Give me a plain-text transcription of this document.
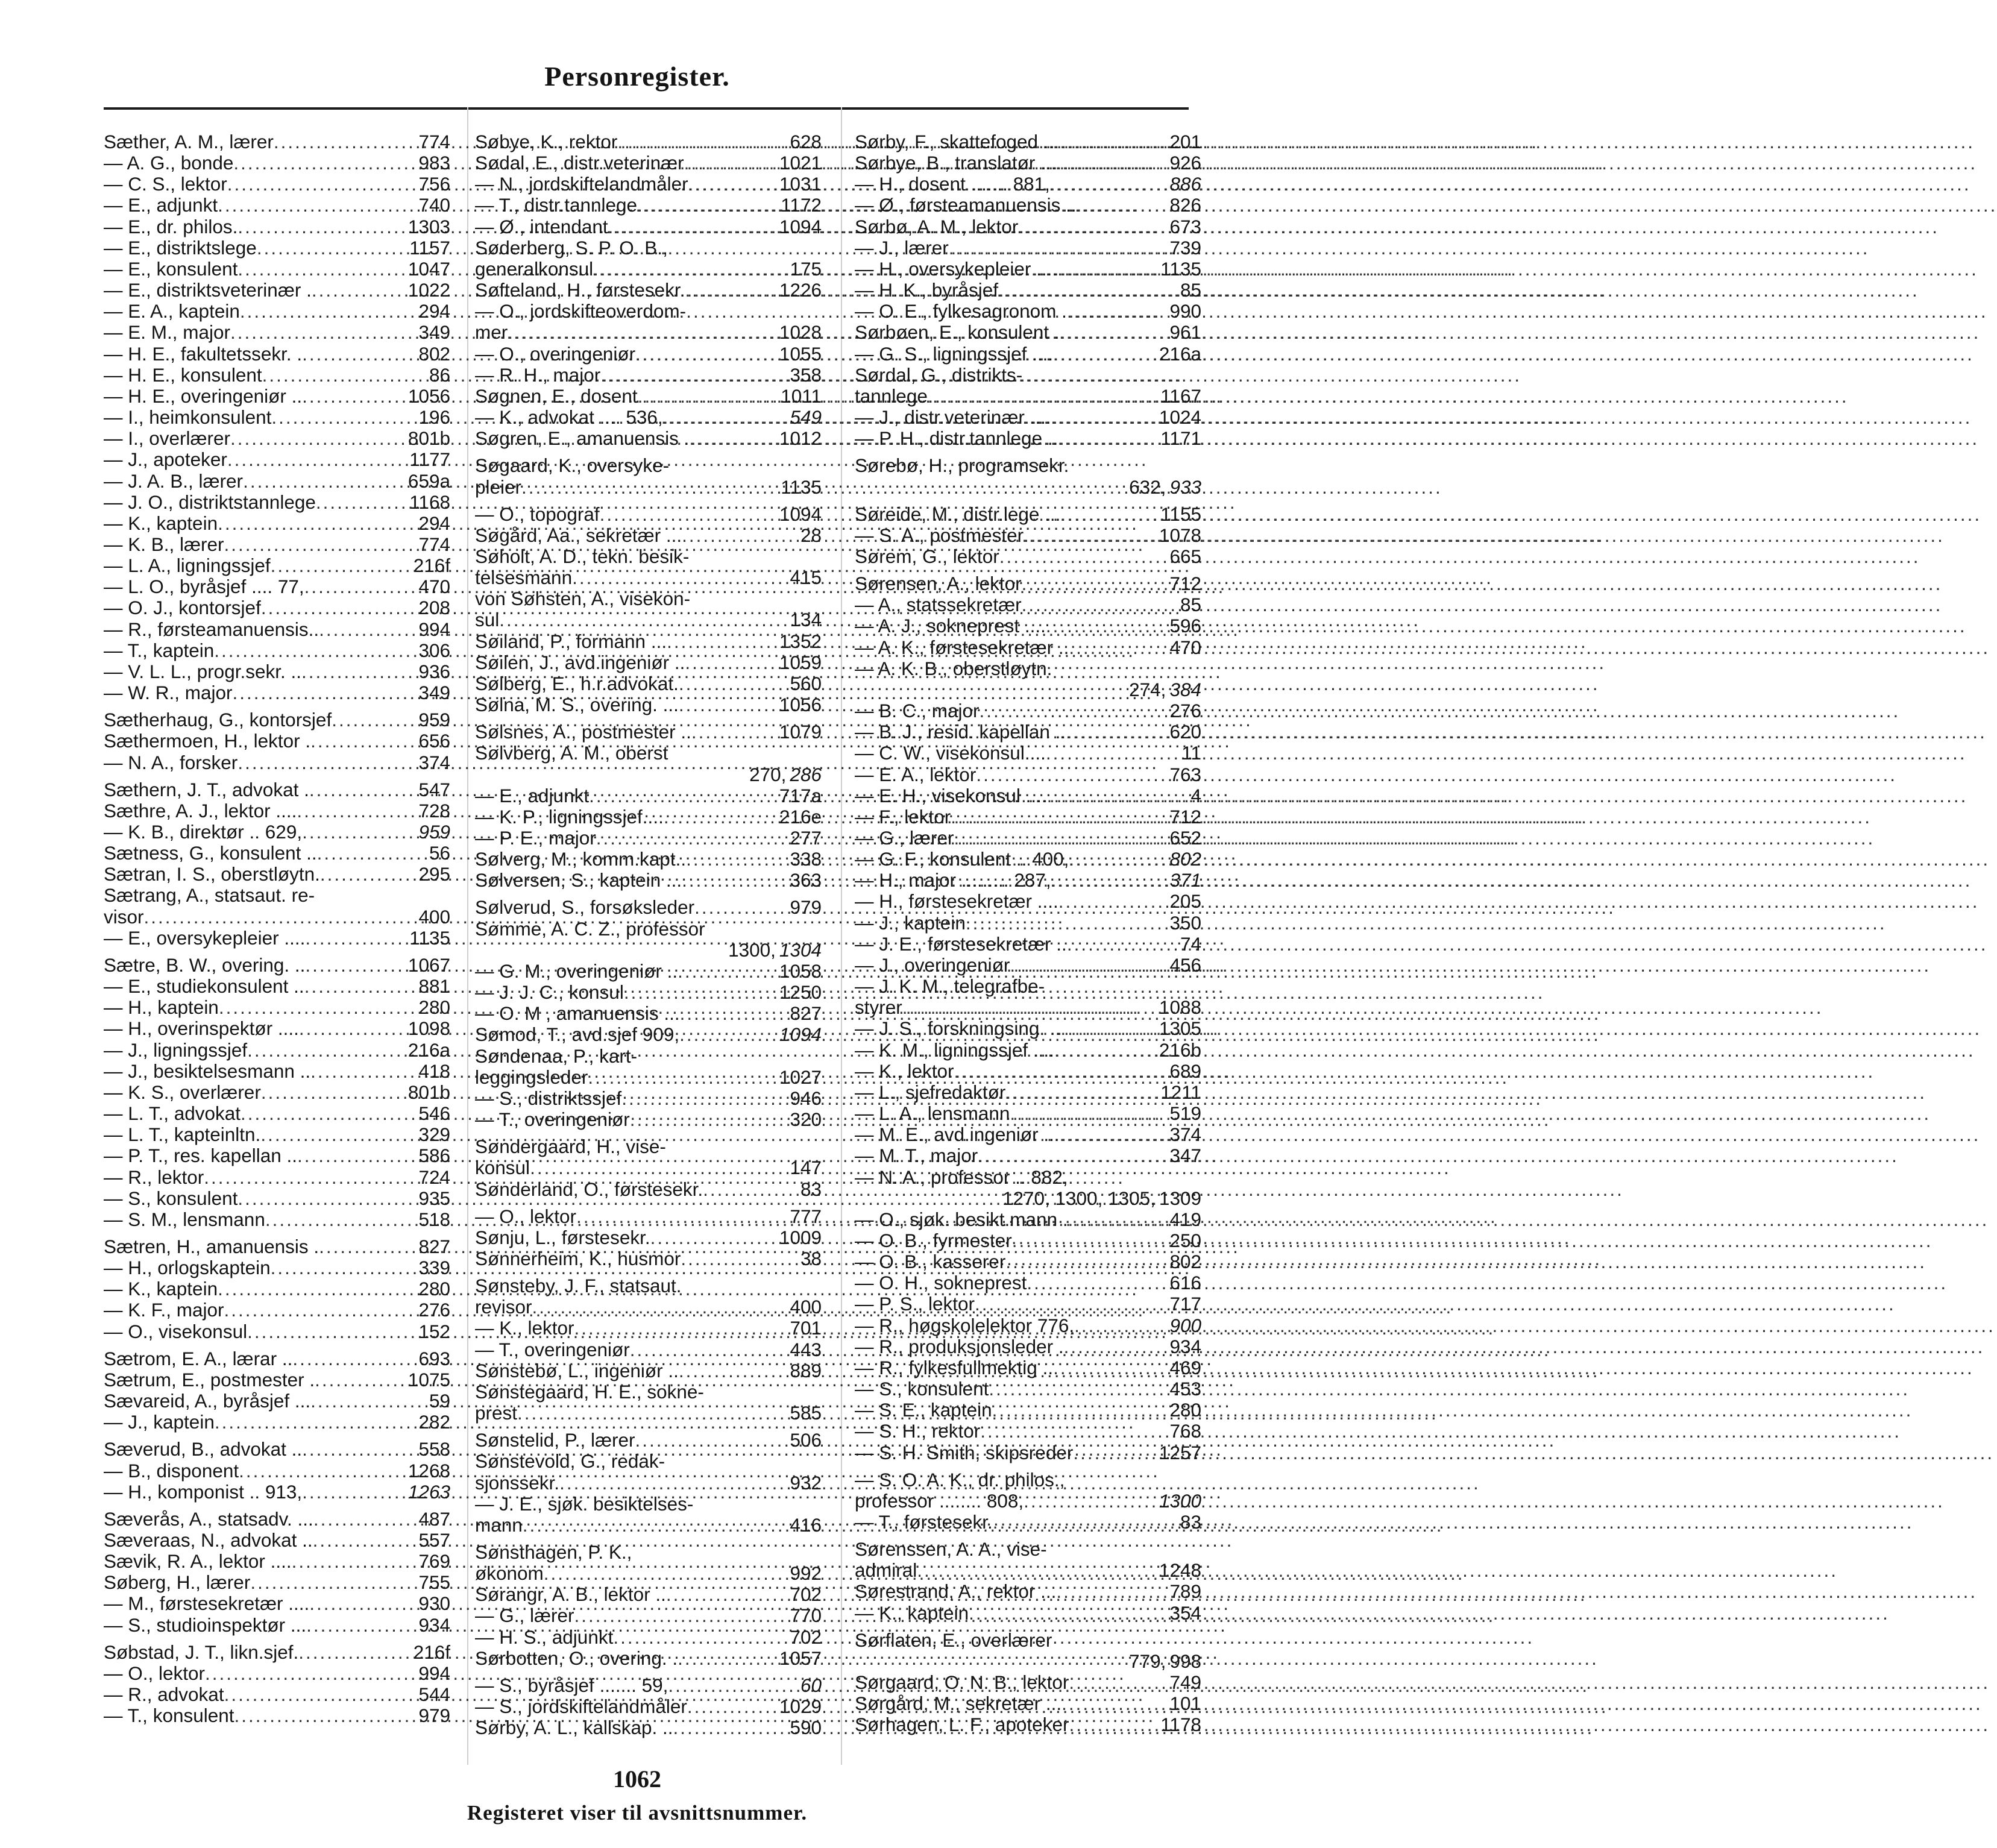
Personregister.
Sæther, A. M., lærer .....	774
— A. G., bonde .....	983
— C. S., lektor .....	756
— E., adjunkt .....	740
— E., dr. philos. .....	1303
— E., distriktslege .....	1157
— E., konsulent .....	1047
— E., distriktsveterinær . .....	1022
— E. A., kaptein .....	294
— E. M., major .....	349
— H. E., fakultetssekr. . .....	802
— H. E., konsulent .....	86
— H. E., overingeniør .. .....	1056
— I., heimkonsulent .....	196
— I., overlærer .....	801b
— J., apoteker .....	1177
— J. A. B., lærer .....	659a
— J. O., distriktstannlege .....	1168
— K., kaptein .....	294
— K. B., lærer .....	774
— L. A., ligningssjef .....	216f
— L. O., byråsjef .... 77, .....	470
— O. J., kontorsjef .....	208
— R., førsteamanuensis.. .....	994
— T., kaptein .....	306
— V. L. L., progr.sekr. .. .....	936
— W. R., major .....	349
Sætherhaug, G., kontorsjef .....	959
Sæthermoen, H., lektor . .....	656
— N. A., forsker .....	374
Sæthern, J. T., advokat . .....	547
Sæthre, A. J., lektor .... .....	728
— K. B., direktør .. 629, .....	959
Sætness, G., konsulent .. .....	56
Sætran, I. S., oberstløytn. .....	295
Sætrang, A., statsaut. re-
visor .....	400
— E., oversykepleier .... .....	1135
Sætre, B. W., overing. .. .....	1067
— E., studiekonsulent .. .....	881
— H., kaptein .....	280
— H., overinspektør .... .....	1098
— J., ligningssjef .....	216a
— J., besiktelsesmann .. .....	418
— K. S., overlærer .....	801b
— L. T., advokat .....	546
— L. T., kapteinltn. .....	329
— P. T., res. kapellan .. .....	586
— R., lektor .....	724
— S., konsulent .....	935
— S. M., lensmann .....	518
Sætren, H., amanuensis . .....	827
— H., orlogskaptein .....	339
— K., kaptein .....	280
— K. F., major .....	276
— O., visekonsul .....	152
Sætrom, E. A., lærar .. .....	693
Sætrum, E., postmester . .....	1075
Sævareid, A., byråsjef ... .....	59
— J., kaptein .....	282
Sæverud, B., advokat .. .....	558
— B., disponent .....	1268
— H., komponist .. 913, .....	1263
Sæverås, A., statsadv. ... .....	487
Sæveraas, N., advokat .. .....	557
Sævik, R. A., lektor .... .....	769
Søberg, H., lærer .....	755
— M., førstesekretær .... .....	930
— S., studioinspektør ... .....	934
Søbstad, J. T., likn.sjef. .....	216f
— O., lektor .....	994
— R., advokat .....	544
— T., konsulent .....	979
Søbye, K., rektor .....	628
Sødal, E., distr.veterinær .....	1021
— N., jordskiftelandmåler .....	1031
— T., distr.tannlege .....	1172
— Ø., intendant .....	1094
Søderberg, S. P. O. B.,
generalkonsul .....	175
Søfteland, H., førstesekr. .....	1226
— O., jordskifteoverdom-
mer .....	1028
— O., overingeniør .....	1055
— R. H., major .....	358
Søgnen, E., dosent .....	1011
— K., advokat .... 536, .....	549
Søgren, E., amanuensis . .....	1012
Søgaard, K., oversyke-
pleier .....	1135
— O., topograf .....	1094
Søgård, Aa., sekretær ... .....	28
Søholt, A. D., tekn. besik-
telsesmann .....	415
von Søhsten, A., visekon-
sul .....	134
Søiland, P., formann ... .....	1352
Søilen, J., avd.ingeniør .. .....	1059
Sølberg, E., h.r.advokat. .....	560
Sølna, M. S., overing. ... .....	1056
Sølsnes, A., postmester .. .....	1079
Sølvberg, A. M., oberst
270, 286
— E., adjunkt .....	717a
— K. P., ligningssjef.... .....	216e
— P. E., major .....	277
Sølverg, M., komm.kapt.. .....	338
Sølversen, S., kaptein ... .....	363
Sølverud, S., forsøksleder .....	979
Sømme, A. C. Z., professor
1300, 1304
— G. M., overingeniør .. .....	1058
— J. J. C., konsul .....	1250
— O. M , amanuensis ... .....	827
Sømod, T., avd.sjef 909, .....	1094
Søndenaa, P., kart-
leggingsleder .....	1027
— S., distriktssjef .....	946
— T., overingeniør .....	320
Søndergaard, H., vise-
konsul .....	147
Sønderland, O., førstesekr. .....	83
— O., lektor .....	777
Sønju, L., førstesekr. .....	1009
Sønnerheim, K., husmor .....	38
Sønsteby, J. F., statsaut.
revisor .....	400
— K., lektor .....	701
— T., overingeniør .....	443
Sønstebø, L., ingeniør .. .....	889
Sønstegaard, H. E., sokne-
prest .....	585
Sønstelid, P., lærer .....	506
Sønstevold, G., redak-
sjonssekr. .....	932
— J. E., sjøk. besiktelses-
mann .....	416
Sønsthagen, P. K.,
økonom .....	992
Sørangr, A. B., lektor .. .....	702
— G., lærer .....	770
— H. S., adjunkt .....	702
Sørbotten, O., overing. . .....	1057
— S., byråsjef ....... 59, .....	60
— S., jordskiftelandmåler .....	1029
Sørby, A. L., kallskap. .. .....	590
Sørby, F., skattefoged .. .....	201
Sørbye, B., translatør ... .....	926
— H., dosent ....... 881, .....	886
— Ø., førsteamanuensis .. .....	826
Sørbø, A. M., lektor .....	673
— J., lærer .....	739
— H., oversykepleier .... .....	1135
— H. K., byråsjef .....	85
— O. E., fylkesagronom . .....	990
Sørbøen, E., konsulent . .....	961
— G. S., ligningssjef .... .....	216a
Sørdal, G., distrikts-
tannlege .....	1167
— J., distr.veterinær .... .....	1024
— P. H., distr.tannlege .. .....	1171
Sørebø, H., programsekr.
632, 933
Søreide, M., distr.lege ... .....	1155
— S. A., postmester .....	1078
Sørem, G., lektor .....	665
Sørensen, A., lektor .....	712
— A., statssekretær .....	85
— A. J., sokneprest .... .....	596
— A. K., førstesekretær .. .....	470
— A. K. B., oberstløytn.
274, 384
— B. C., major .....	276
— B. J., resid. kapellan .. .....	620
— C. W., visekonsul.... .....	11
— E. A., lektor .....	763
— E. H., visekonsul .... .....	4
— F., lektor .....	712
— G., lærer .....	652
— G. F., konsulent .. 400, .....	802
— H., major ......... 287, .....	371
— H., førstesekretær .... .....	205
— J., kaptein .....	350
— J. E., førstesekretær .. .....	74
— J., overingeniør .....	456
— J. K. M., telegrafbe-
styrer .....	1088
— J. S., forskningsing. .. .....	1305
— K. M., ligningssjef .... .....	216b
— K., lektor .....	689
— L., sjefredaktør .....	1211
— L. A., lensmann .....	519
— M. E., avd.ingeniør ... .....	374
— M. T., major .....	347
— N. A., professor .. 882,
1270, 1300, 1305, 1309
— O., sjøk. besikt.mann . .....	419
— O. B., fyrmester .....	250
— O. B., kasserer .....	802
— O. H., sokneprest .....	616
— P. S., lektor .....	717
— R., høgskolelektor 776, .....	900
— R., produksjonsleder . .....	934
— R., fylkesfullmektig .. .....	469
— S., konsulent .....	453
— S. E., kaptein .....	280
— S. H., rektor .....	768
— S. H. Smith, skipsreder .....	1257
— S. O. A. K., dr. philos.,
professor ........ 808, .....	1300
— T., førstesekr. .....	83
Sørenssen, A. A., vise-
admiral .....	1248
Sørestrand, A., rektor ... .....	789
— K., kaptein .....	354
Sørflaten, E., overlærer
779, 998
Sørgaard, O. N. B., lektor .....	749
Sørgård, M., sekretær ... .....	101
Sørhagen, L. F., apoteker .....	1178
1062
Registeret viser til avsnittsnummer.
